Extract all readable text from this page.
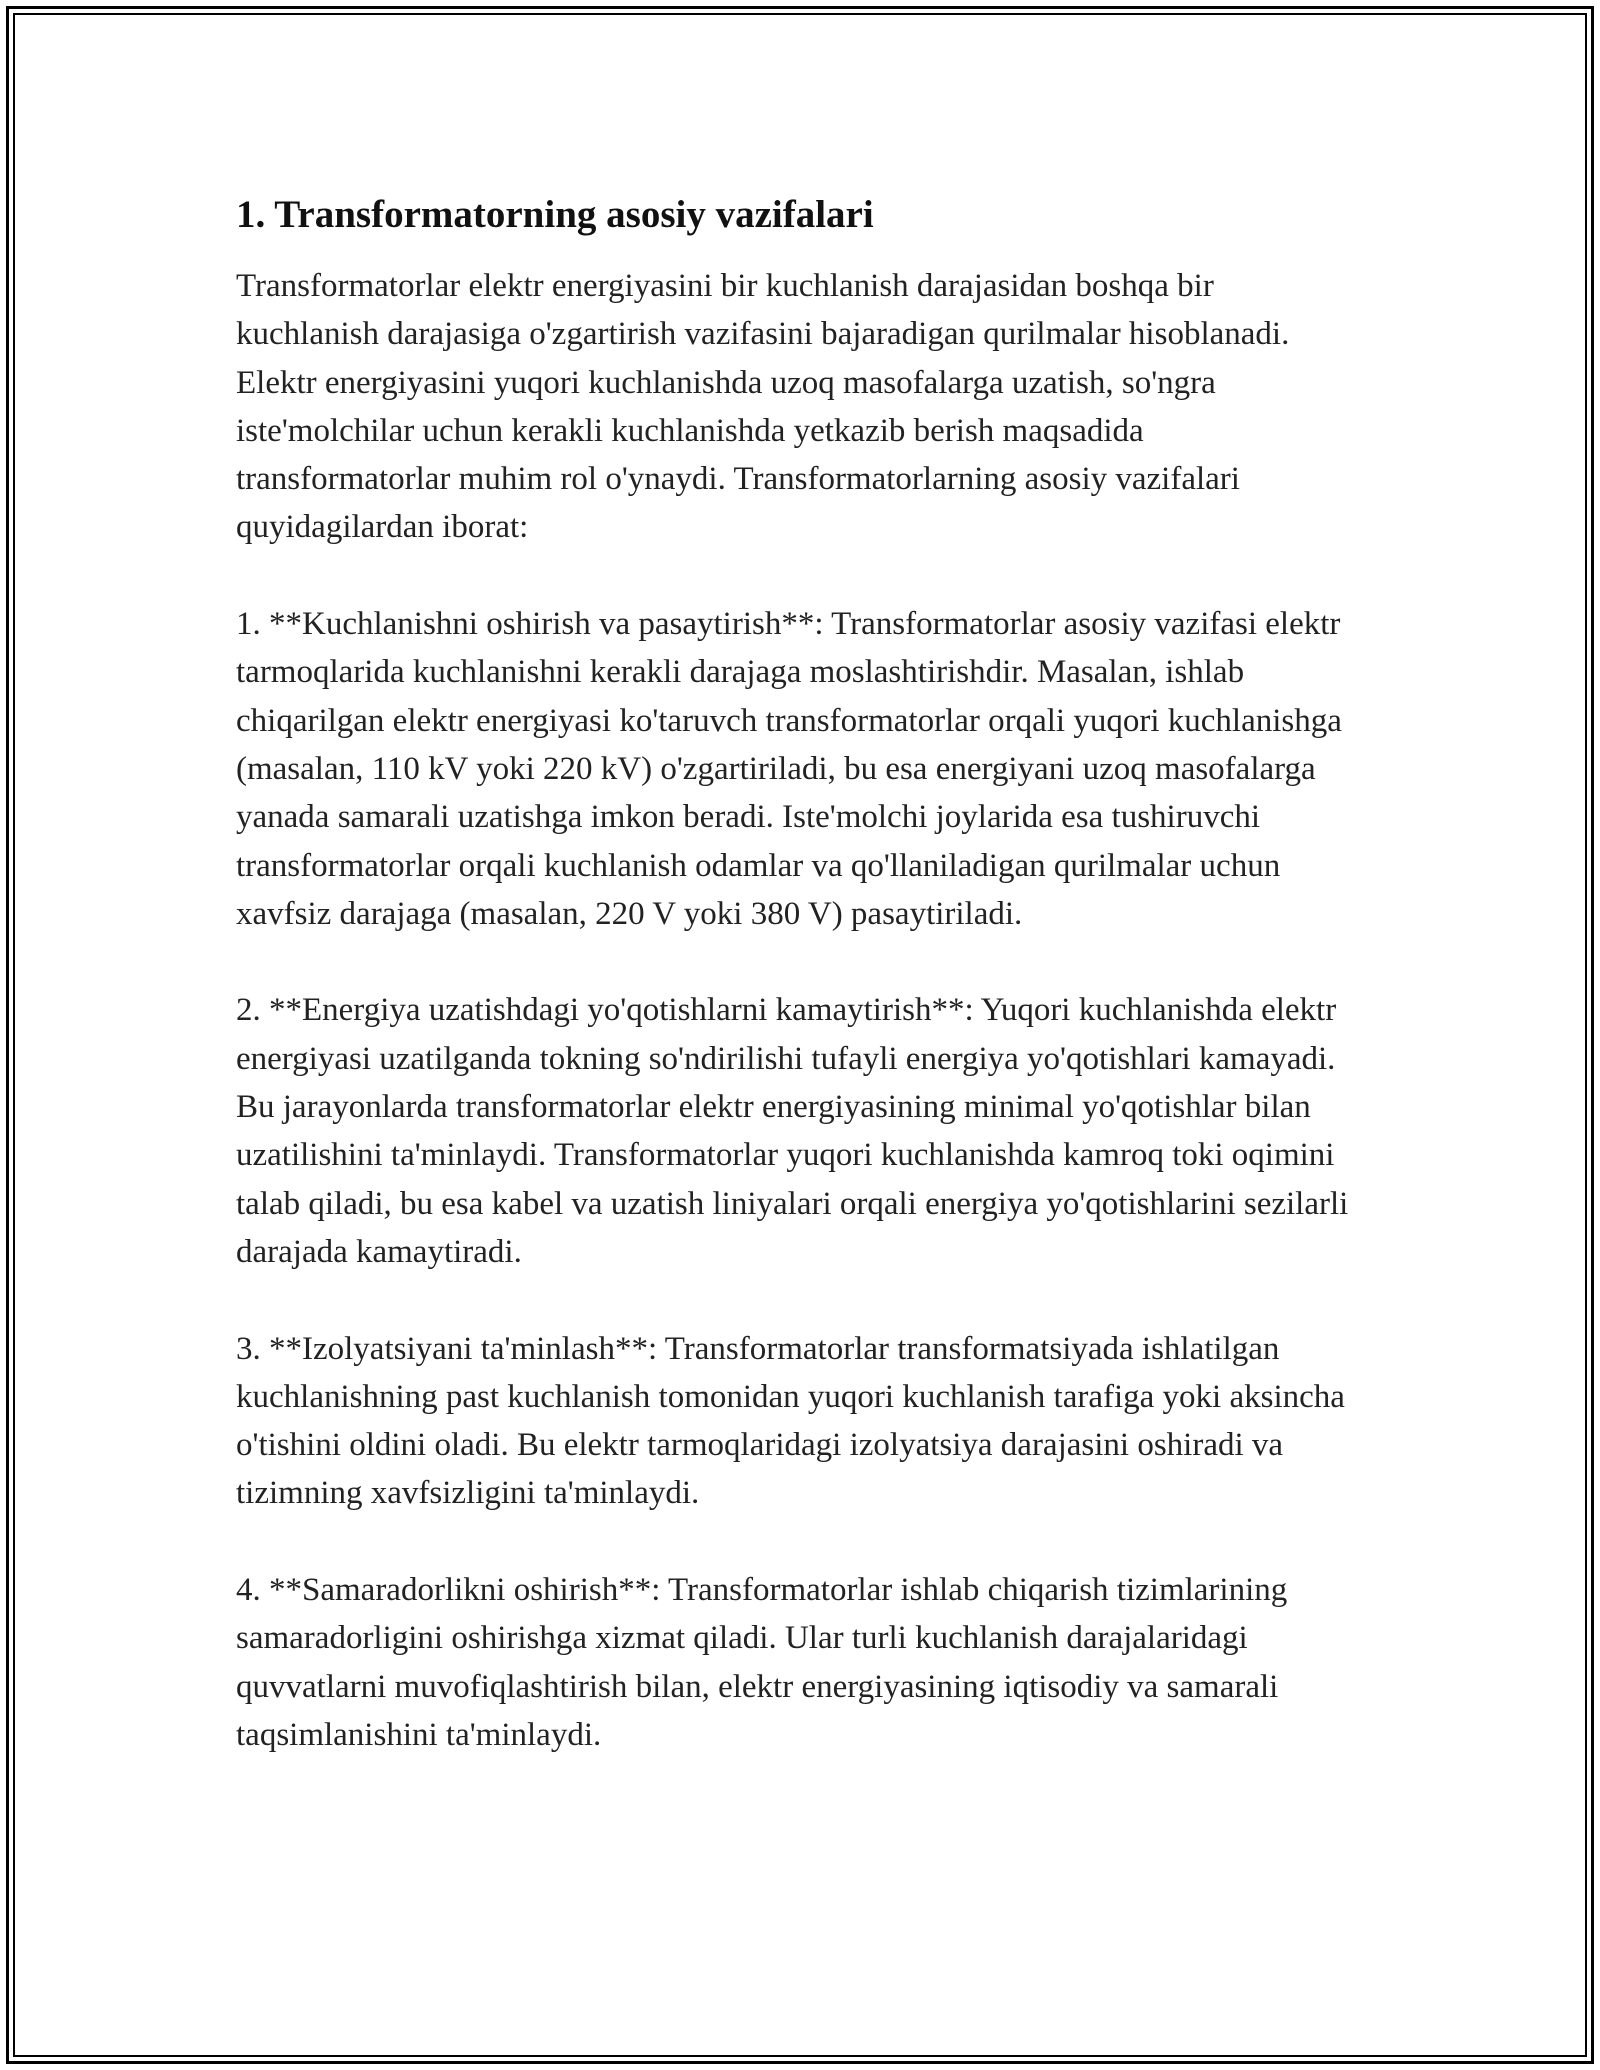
1. Transformatorning asosiy vazifalari

Transformatorlar elektr energiyasini bir kuchlanish darajasidan boshqa bir kuchlanish darajasiga o'zgartirish vazifasini bajaradigan qurilmalar hisoblanadi. Elektr energiyasini yuqori kuchlanishda uzoq masofalarga uzatish, so'ngra iste'molchilar uchun kerakli kuchlanishda yetkazib berish maqsadida transformatorlar muhim rol o'ynaydi. Transformatorlarning asosiy vazifalari quyidagilardan iborat:

1. **Kuchlanishni oshirish va pasaytirish**: Transformatorlar asosiy vazifasi elektr tarmoqlarida kuchlanishni kerakli darajaga moslashtirishdir. Masalan, ishlab chiqarilgan elektr energiyasi ko'taruvch transformatorlar orqali yuqori kuchlanishga (masalan, 110 kV yoki 220 kV) o'zgartiriladi, bu esa energiyani uzoq masofalarga yanada samarali uzatishga imkon beradi. Iste'molchi joylarida esa tushiruvchi transformatorlar orqali kuchlanish odamlar va qo'llaniladigan qurilmalar uchun xavfsiz darajaga (masalan, 220 V yoki 380 V) pasaytiriladi.

2. **Energiya uzatishdagi yo'qotishlarni kamaytirish**: Yuqori kuchlanishda elektr energiyasi uzatilganda tokning so'ndirilishi tufayli energiya yo'qotishlari kamayadi. Bu jarayonlarda transformatorlar elektr energiyasining minimal yo'qotishlar bilan uzatilishini ta'minlaydi. Transformatorlar yuqori kuchlanishda kamroq toki oqimini talab qiladi, bu esa kabel va uzatish liniyalari orqali energiya yo'qotishlarini sezilarli darajada kamaytiradi.

3. **Izolyatsiyani ta'minlash**: Transformatorlar transformatsiyada ishlatilgan kuchlanishning past kuchlanish tomonidan yuqori kuchlanish tarafiga yoki aksincha o'tishini oldini oladi. Bu elektr tarmoqlaridagi izolyatsiya darajasini oshiradi va tizimning xavfsizligini ta'minlaydi.

4. **Samaradorlikni oshirish**: Transformatorlar ishlab chiqarish tizimlarining samaradorligini oshirishga xizmat qiladi. Ular turli kuchlanish darajalaridagi quvvatlarni muvofiqlashtirish bilan, elektr energiyasining iqtisodiy va samarali taqsimlanishini ta'minlaydi.
